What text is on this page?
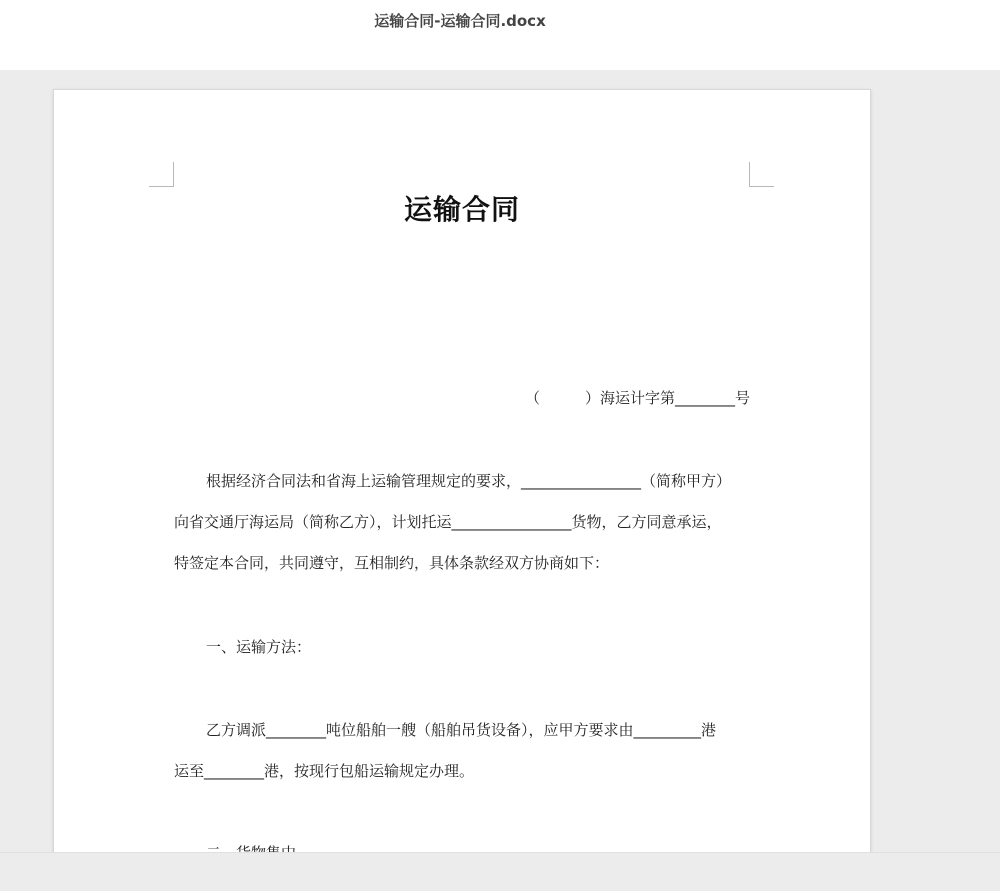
运输合同-运输合同.docx
运输合同
（　　　）海运计字第________号
根据经济合同法和省海上运输管理规定的要求，________________（简称甲方）
向省交通厅海运局（简称乙方），计划托运________________货物，乙方同意承运，
特签定本合同，共同遵守，互相制约，具体条款经双方协商如下：
一、运输方法：
乙方调派________吨位船舶一艘（船舶吊货设备），应甲方要求由_________港
运至________港，按现行包船运输规定办理。
